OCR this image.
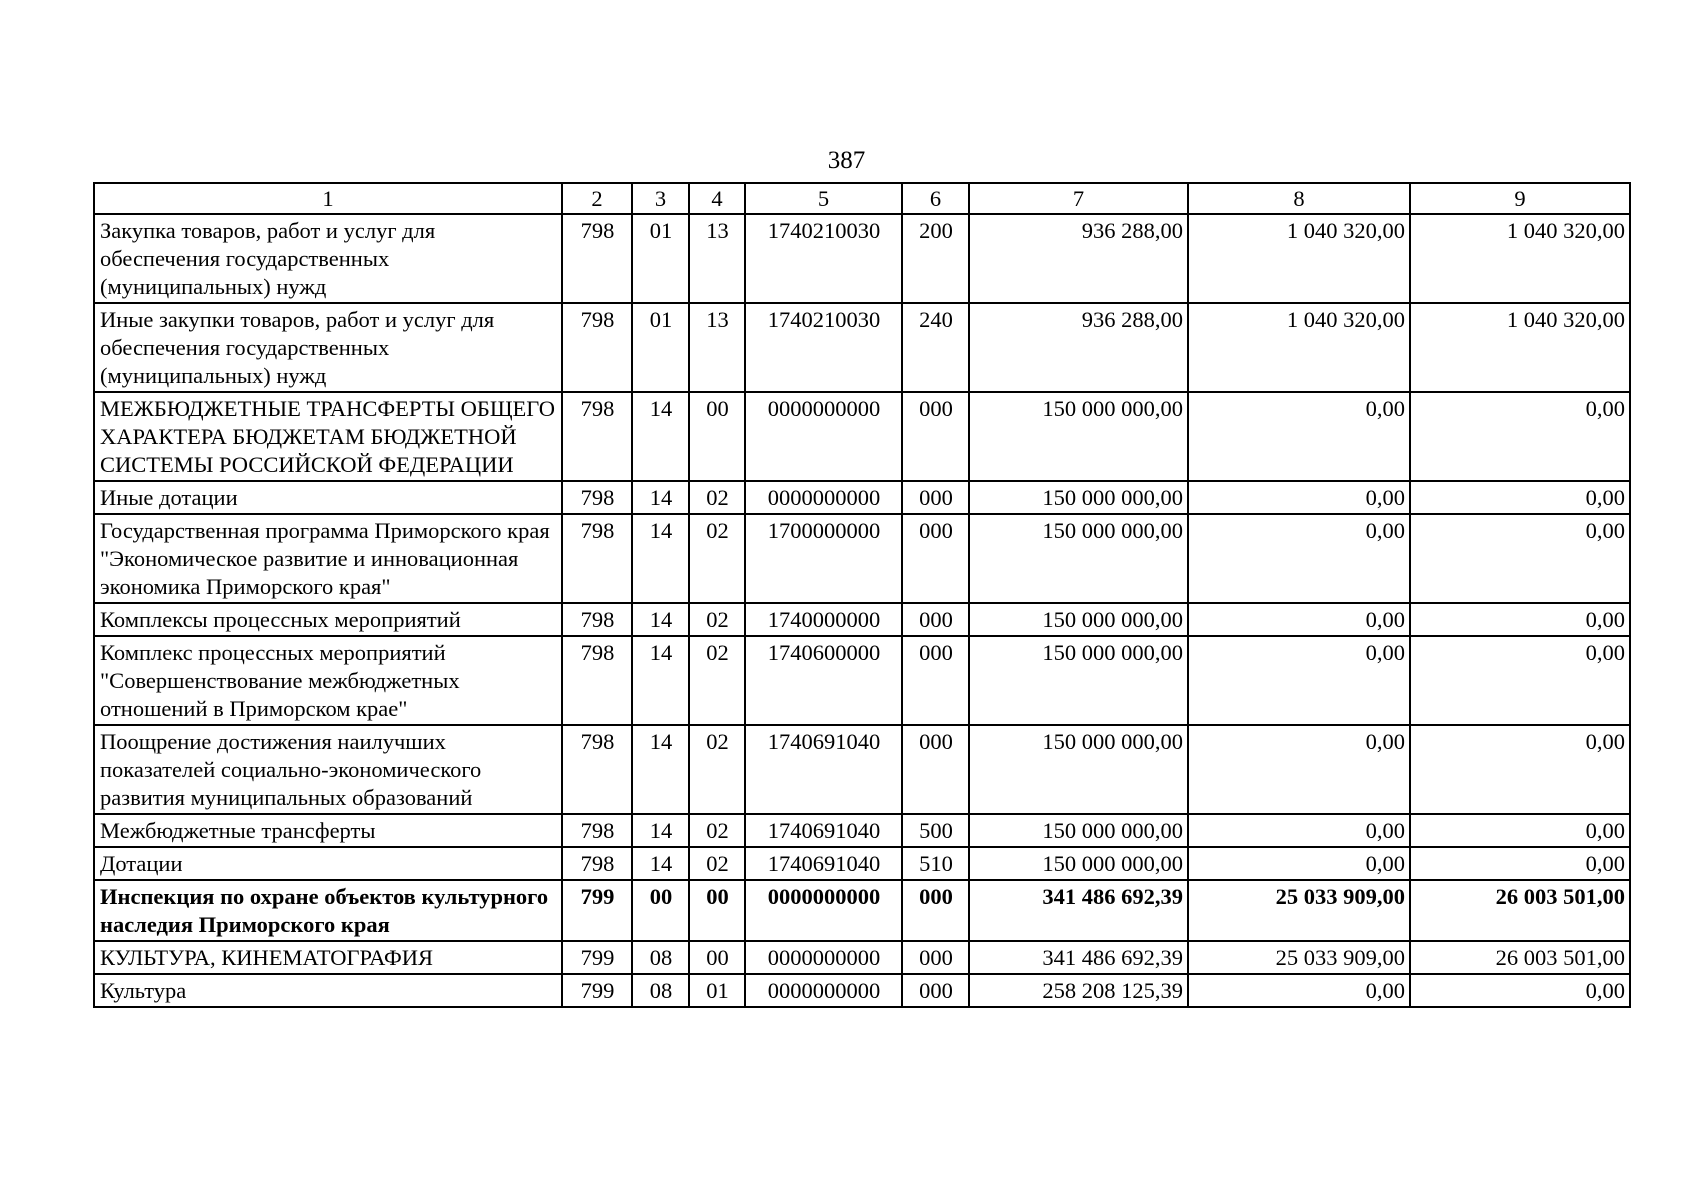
387
1	2	3	4	5	6	7	8	9
Закупка товаров, работ и услуг для обеспечения государственных (муниципальных) нужд	798	01	13	1740210030	200	936 288,00	1 040 320,00	1 040 320,00
Иные закупки товаров, работ и услуг для обеспечения государственных (муниципальных) нужд	798	01	13	1740210030	240	936 288,00	1 040 320,00	1 040 320,00
МЕЖБЮДЖЕТНЫЕ ТРАНСФЕРТЫ ОБЩЕГО ХАРАКТЕРА БЮДЖЕТАМ БЮДЖЕТНОЙ СИСТЕМЫ РОССИЙСКОЙ ФЕДЕРАЦИИ	798	14	00	0000000000	000	150 000 000,00	0,00	0,00
Иные дотации	798	14	02	0000000000	000	150 000 000,00	0,00	0,00
Государственная программа Приморского края "Экономическое развитие и инновационная экономика Приморского края"	798	14	02	1700000000	000	150 000 000,00	0,00	0,00
Комплексы процессных мероприятий	798	14	02	1740000000	000	150 000 000,00	0,00	0,00
Комплекс процессных мероприятий "Совершенствование межбюджетных отношений в Приморском крае"	798	14	02	1740600000	000	150 000 000,00	0,00	0,00
Поощрение достижения наилучших показателей социально-экономического развития муниципальных образований	798	14	02	1740691040	000	150 000 000,00	0,00	0,00
Межбюджетные трансферты	798	14	02	1740691040	500	150 000 000,00	0,00	0,00
Дотации	798	14	02	1740691040	510	150 000 000,00	0,00	0,00
Инспекция по охране объектов культурного наследия Приморского края	799	00	00	0000000000	000	341 486 692,39	25 033 909,00	26 003 501,00
КУЛЬТУРА, КИНЕМАТОГРАФИЯ	799	08	00	0000000000	000	341 486 692,39	25 033 909,00	26 003 501,00
Культура	799	08	01	0000000000	000	258 208 125,39	0,00	0,00
